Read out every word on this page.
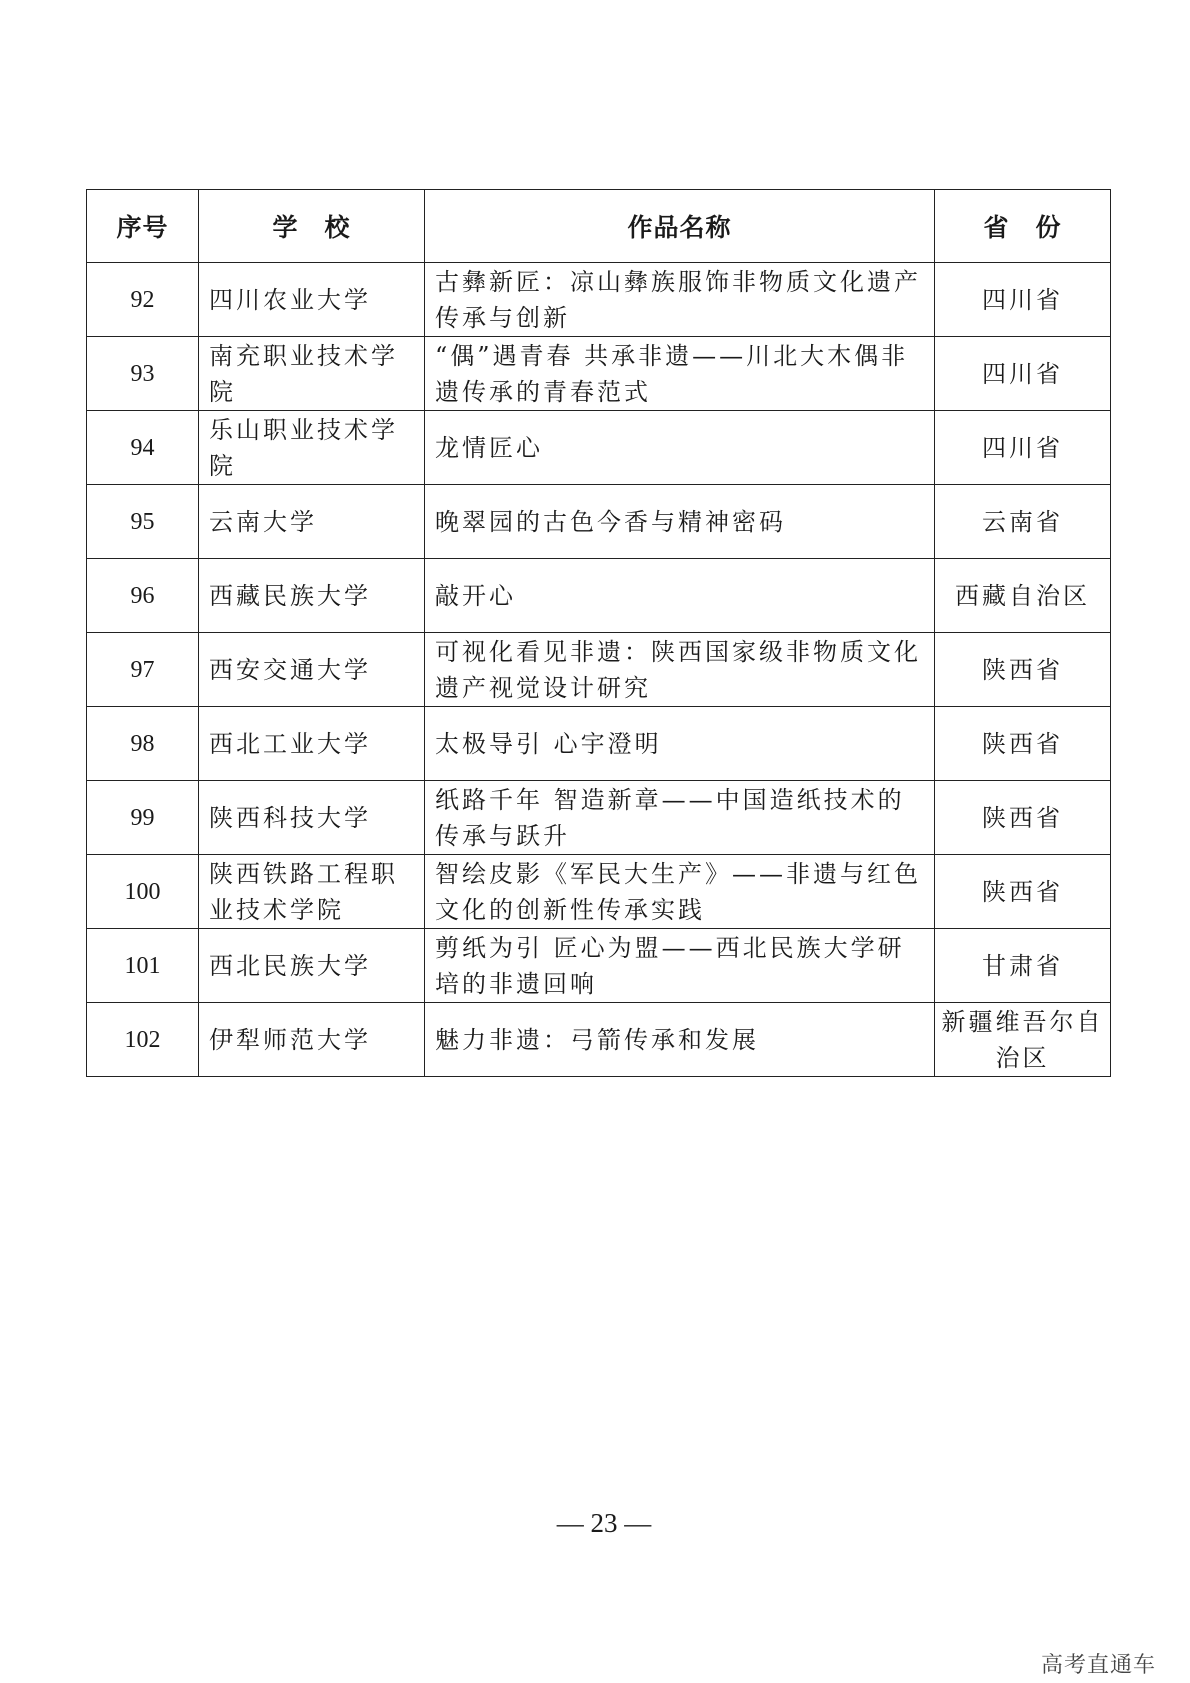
序号	学　校	作品名称	省　份
92	四川农业大学	古彝新匠：凉山彝族服饰非物质文化遗产传承与创新	四川省
93	南充职业技术学院	“偶”遇青春 共承非遗——川北大木偶非遗传承的青春范式	四川省
94	乐山职业技术学院	龙情匠心	四川省
95	云南大学	晚翠园的古色今香与精神密码	云南省
96	西藏民族大学	敲开心	西藏自治区
97	西安交通大学	可视化看见非遗：陕西国家级非物质文化遗产视觉设计研究	陕西省
98	西北工业大学	太极导引 心宇澄明	陕西省
99	陕西科技大学	纸路千年 智造新章——中国造纸技术的传承与跃升	陕西省
100	陕西铁路工程职业技术学院	智绘皮影《军民大生产》——非遗与红色文化的创新性传承实践	陕西省
101	西北民族大学	剪纸为引 匠心为盟——西北民族大学研培的非遗回响	甘肃省
102	伊犁师范大学	魅力非遗：弓箭传承和发展	新疆维吾尔自治区
— 23 —
高考直通车
